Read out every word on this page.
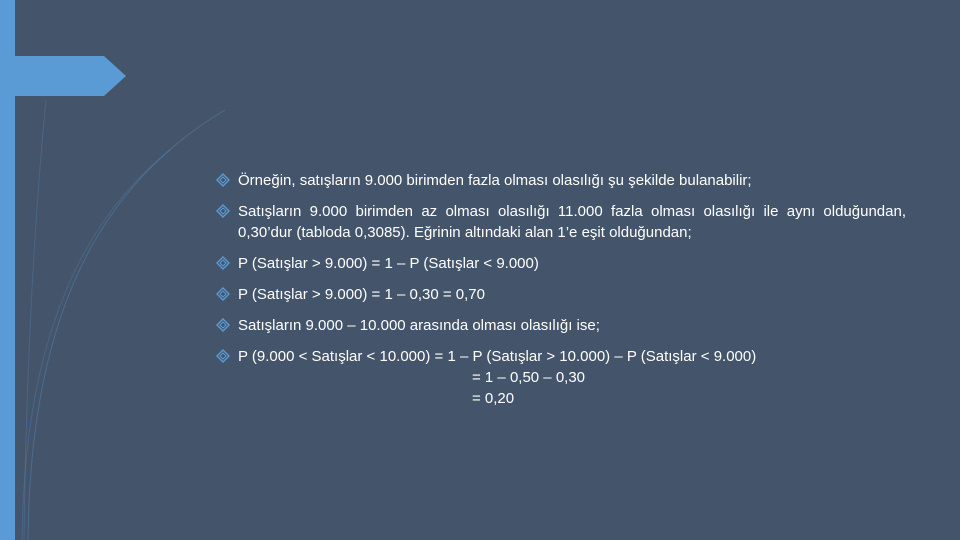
Örneğin, satışların 9.000 birimden fazla olması olasılığı şu şekilde bulanabilir;

Satışların 9.000 birimden az olması olasılığı 11.000 fazla olması olasılığı ile aynı olduğundan, 0,30’dur (tabloda 0,3085). Eğrinin altındaki alan 1’e eşit olduğundan;

P (Satışlar > 9.000) = 1 – P (Satışlar < 9.000)

P (Satışlar > 9.000) = 1 – 0,30 = 0,70

Satışların 9.000 – 10.000 arasında olması olasılığı ise;

P (9.000 < Satışlar < 10.000) = 1 – P (Satışlar > 10.000) – P (Satışlar < 9.000)

= 1 – 0,50 – 0,30

= 0,20
